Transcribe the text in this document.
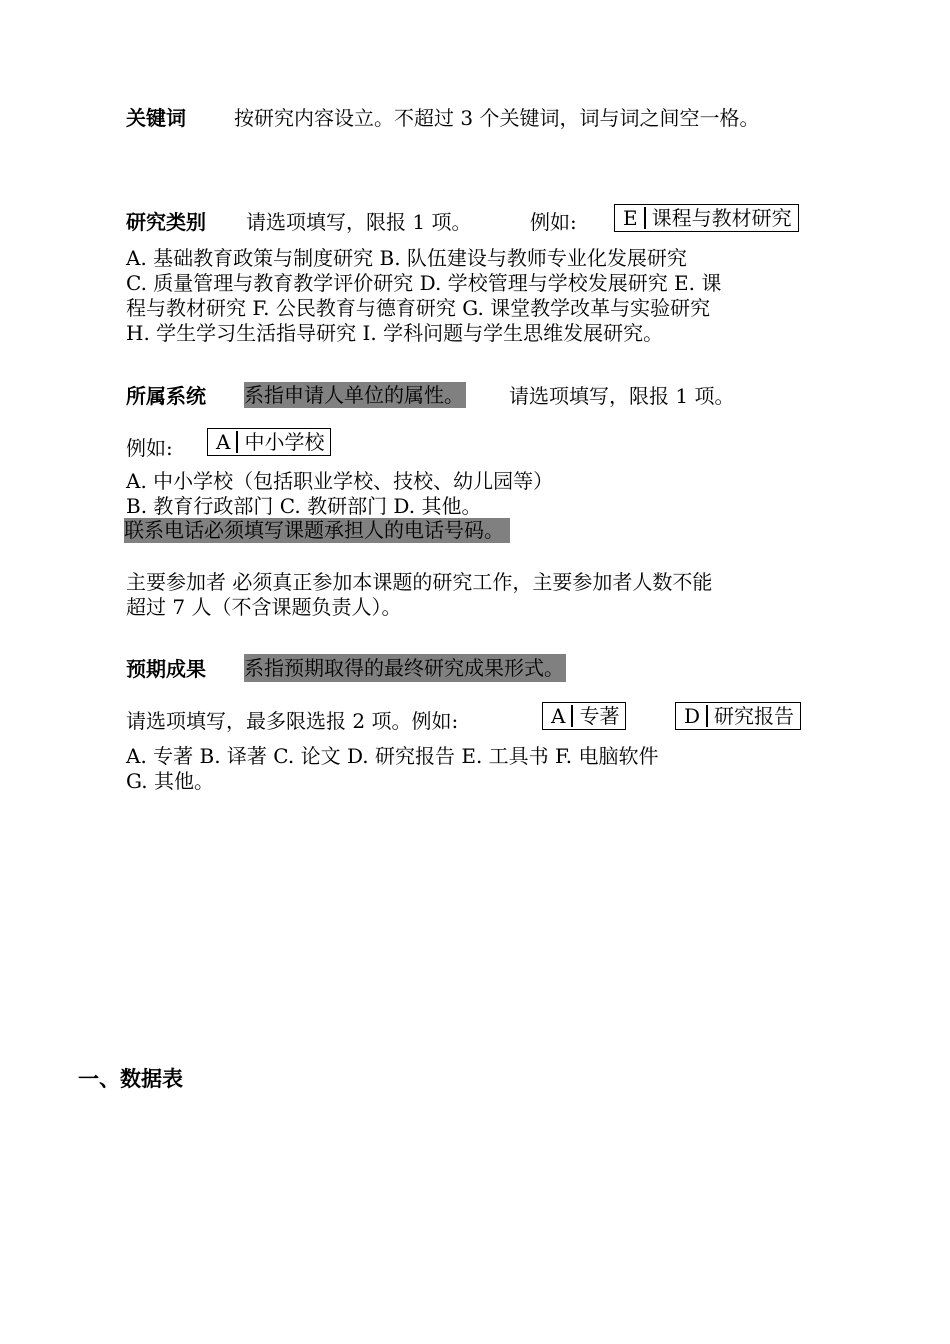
关键词 按研究内容设立。不超过 3 个关键词，词与词之间空一格。
研究类别 请选项填写，限报 1 项。	例如:	E 课程与教材研究
A. 基础教育政策与制度研究 B. 队伍建设与教师专业化发展研究
C. 质量管理与教育教学评价研究 D. 学校管理与学校发展研究 E. 课
程与教材研究 F. 公民教育与德育研究 G. 课堂教学改革与实验研究
H. 学生学习生活指导研究 I. 学科问题与学生思维发展研究。
所属系统 系指申请人单位的属性。 请选项填写，限报 1 项。
例如:	A 中小学校
A. 中小学校（包括职业学校、技校、幼儿园等）
B. 教育行政部门 C. 教研部门 D. 其他。
联系电话必须填写课题承担人的电话号码。
主要参加者 必须真正参加本课题的研究工作，主要参加者人数不能
超过 7 人（不含课题负责人）。
预期成果 系指预期取得的最终研究成果形式。
请选项填写，最多限选报 2 项。例如:	A 专著	D 研究报告
A. 专著 B. 译著 C. 论文 D. 研究报告 E. 工具书 F. 电脑软件
G. 其他。
一、数据表
